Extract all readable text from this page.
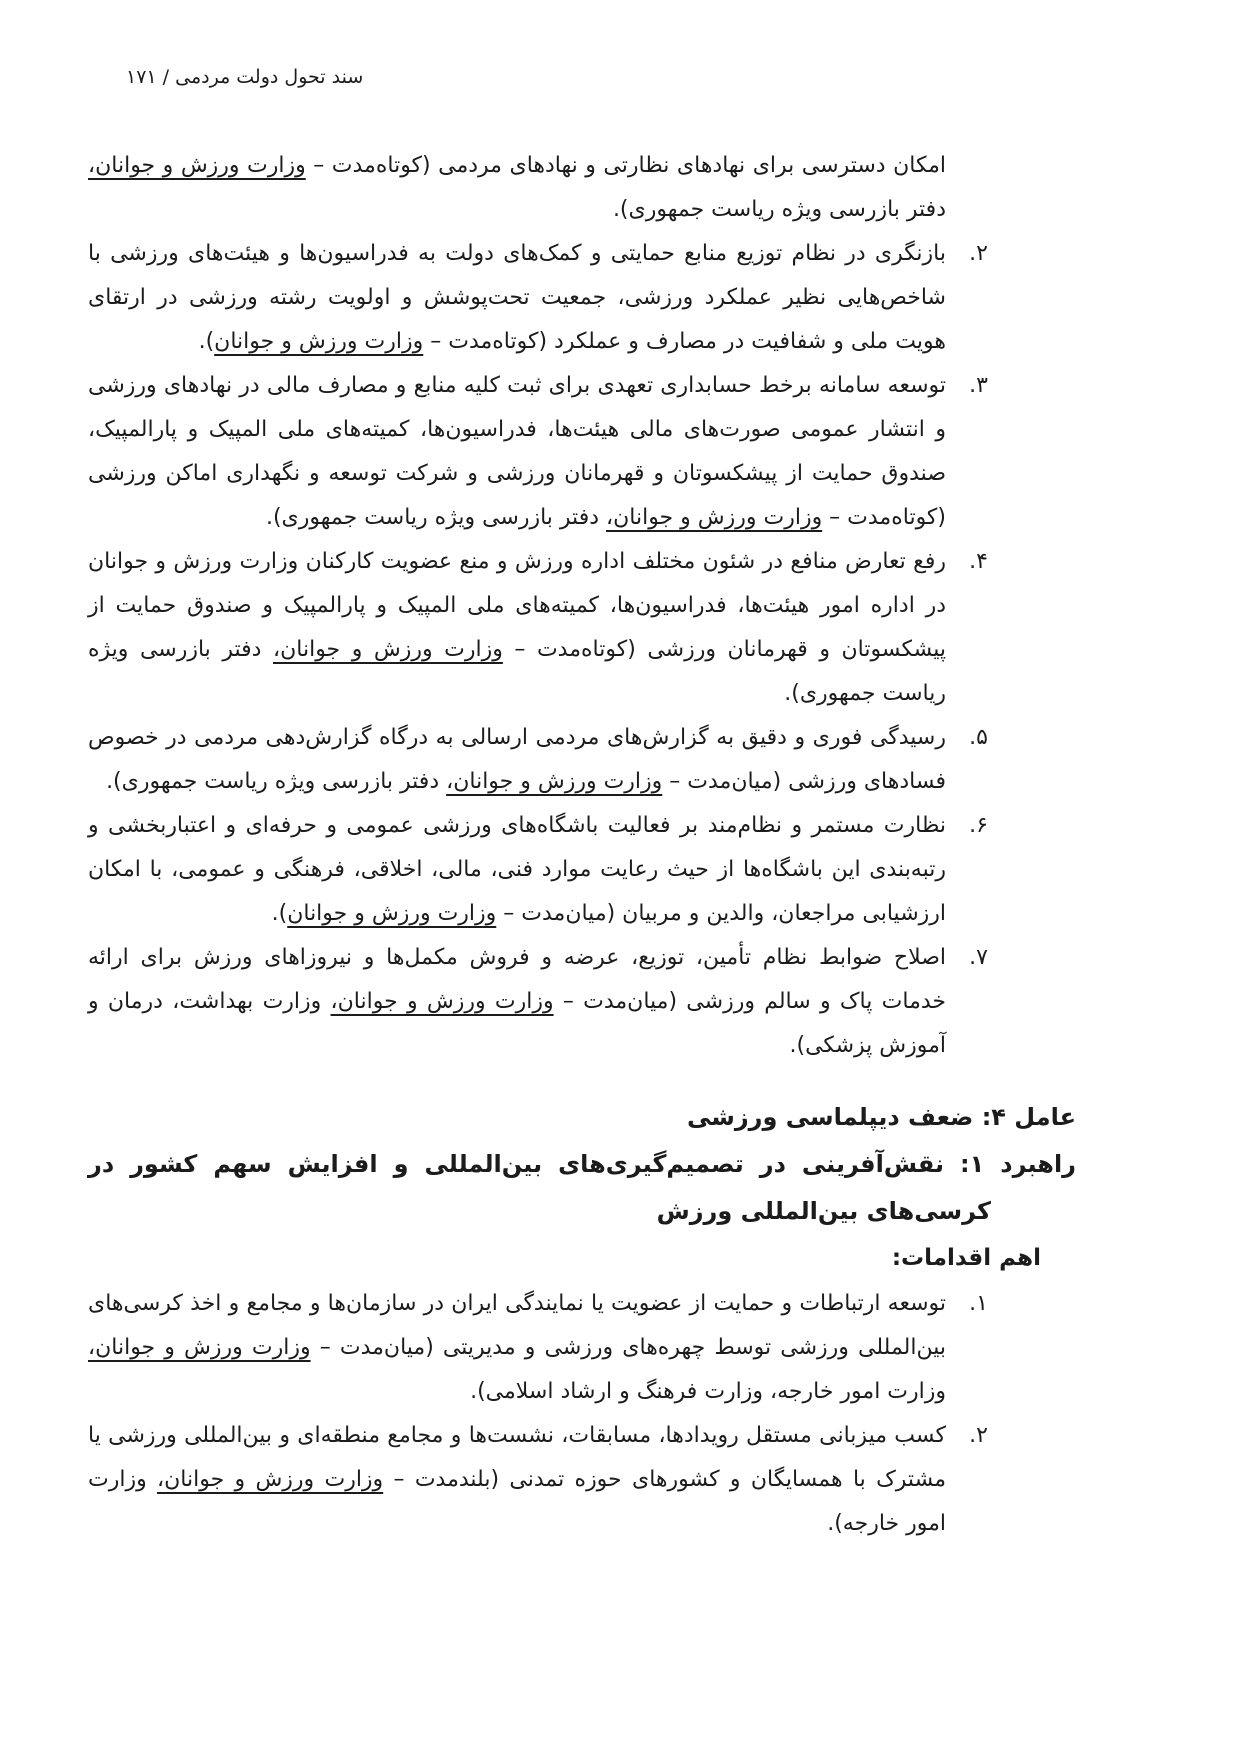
سند تحول دولت مردمی / ۱۷۱
امکان دسترسی برای نهادهای نظارتی و نهادهای مردمی (کوتاه‌مدت – وزارت ورزش و جوانان، دفتر بازرسی ویژه ریاست جمهوری).
۲.
بازنگری در نظام توزیع منابع حمایتی و کمک‌های دولت به فدراسیون‌ها و هیئت‌های ورزشی با شاخص‌هایی نظیر عملکرد ورزشی، جمعیت تحت‌پوشش و اولویت رشته ورزشی در ارتقای هویت ملی و شفافیت در مصارف و عملکرد (کوتاه‌مدت – وزارت ورزش و جوانان).
۳.
توسعه سامانه برخط حسابداری تعهدی برای ثبت کلیه منابع و مصارف مالی در نهادهای ورزشی و انتشار عمومی صورت‌های مالی هیئت‌ها، فدراسیون‌ها، کمیته‌های ملی المپیک و پارالمپیک، صندوق حمایت از پیشکسوتان و قهرمانان ورزشی و شرکت توسعه و نگهداری اماکن ورزشی (کوتاه‌مدت – وزارت ورزش و جوانان، دفتر بازرسی ویژه ریاست جمهوری).
۴.
رفع تعارض منافع در شئون مختلف اداره ورزش و منع عضویت کارکنان وزارت ورزش و جوانان در اداره امور هیئت‌ها، فدراسیون‌ها، کمیته‌های ملی المپیک و پارالمپیک و صندوق حمایت از پیشکسوتان و قهرمانان ورزشی (کوتاه‌مدت – وزارت ورزش و جوانان، دفتر بازرسی ویژه ریاست جمهوری).
۵.
رسیدگی فوری و دقیق به گزارش‌های مردمی ارسالی به درگاه گزارش‌دهی مردمی در خصوص فسادهای ورزشی (میان‌مدت – وزارت ورزش و جوانان، دفتر بازرسی ویژه ریاست جمهوری).
۶.
نظارت مستمر و نظام‌مند بر فعالیت باشگاه‌های ورزشی عمومی و حرفه‌ای و اعتباربخشی و رتبه‌بندی این باشگاه‌ها از حیث رعایت موارد فنی، مالی، اخلاقی، فرهنگی و عمومی، با امکان ارزشیابی مراجعان، والدین و مربیان (میان‌مدت – وزارت ورزش و جوانان).
۷.
اصلاح ضوابط نظام تأمین، توزیع، عرضه و فروش مکمل‌ها و نیروزاهای ورزش برای ارائه خدمات پاک و سالم ورزشی (میان‌مدت – وزارت ورزش و جوانان، وزارت بهداشت، درمان و آموزش پزشکی).
عامل ۴: ضعف دیپلماسی ورزشی
راهبرد ۱: نقش‌آفرینی در تصمیم‌گیری‌های بین‌المللی و افزایش سهم کشور در کرسی‌های بین‌المللی ورزش
اهم اقدامات:
۱.
توسعه ارتباطات و حمایت از عضویت یا نمایندگی ایران در سازمان‌ها و مجامع و اخذ کرسی‌های بین‌المللی ورزشی توسط چهره‌های ورزشی و مدیریتی (میان‌مدت – وزارت ورزش و جوانان، وزارت امور خارجه، وزارت فرهنگ و ارشاد اسلامی).
۲.
کسب میزبانی مستقل رویدادها، مسابقات، نشست‌ها و مجامع منطقه‌ای و بین‌المللی ورزشی یا مشترک با همسایگان و کشورهای حوزه تمدنی (بلندمدت – وزارت ورزش و جوانان، وزارت امور خارجه).
